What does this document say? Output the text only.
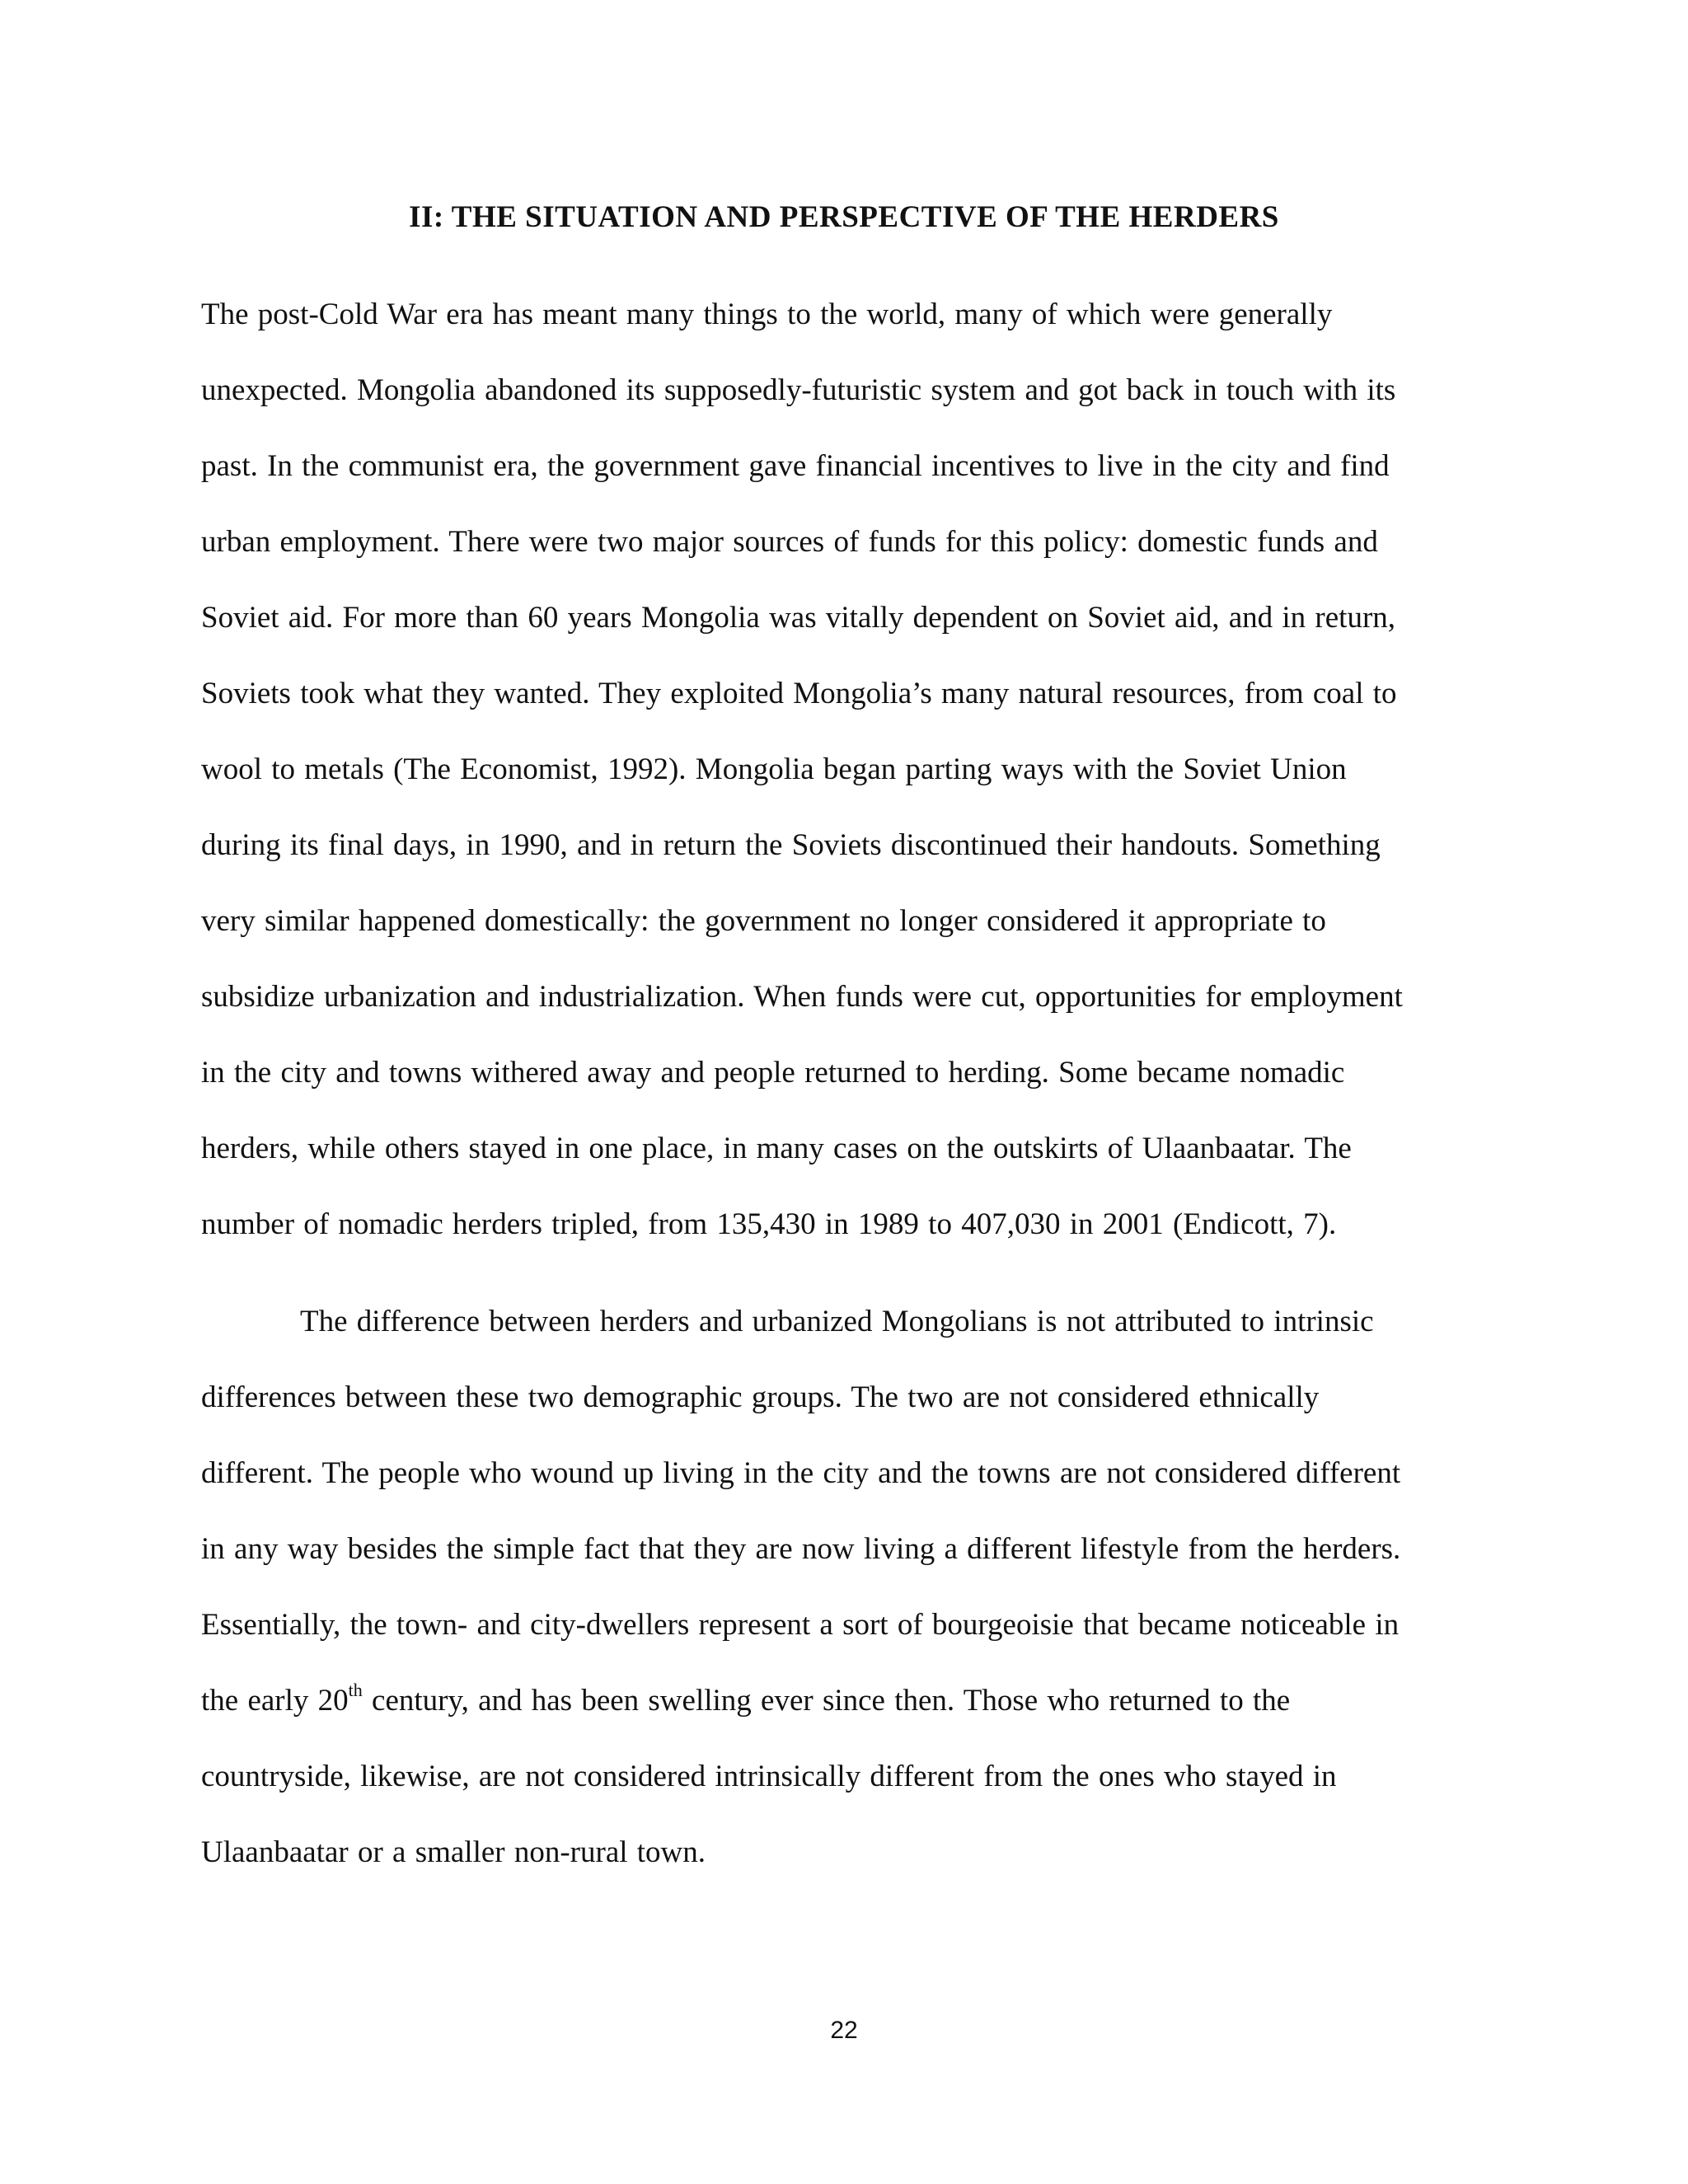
II: THE SITUATION AND PERSPECTIVE OF THE HERDERS
The post-Cold War era has meant many things to the world, many of which were generally
unexpected. Mongolia abandoned its supposedly-futuristic system and got back in touch with its
past. In the communist era, the government gave financial incentives to live in the city and find
urban employment. There were two major sources of funds for this policy: domestic funds and
Soviet aid. For more than 60 years Mongolia was vitally dependent on Soviet aid, and in return,
Soviets took what they wanted. They exploited Mongolia’s many natural resources, from coal to
wool to metals (The Economist, 1992). Mongolia began parting ways with the Soviet Union
during its final days, in 1990, and in return the Soviets discontinued their handouts. Something
very similar happened domestically: the government no longer considered it appropriate to
subsidize urbanization and industrialization. When funds were cut, opportunities for employment
in the city and towns withered away and people returned to herding. Some became nomadic
herders, while others stayed in one place, in many cases on the outskirts of Ulaanbaatar. The
number of nomadic herders tripled, from 135,430 in 1989 to 407,030 in 2001 (Endicott, 7).
The difference between herders and urbanized Mongolians is not attributed to intrinsic
differences between these two demographic groups. The two are not considered ethnically
different. The people who wound up living in the city and the towns are not considered different
in any way besides the simple fact that they are now living a different lifestyle from the herders.
Essentially, the town- and city-dwellers represent a sort of bourgeoisie that became noticeable in
the early 20th century, and has been swelling ever since then. Those who returned to the
countryside, likewise, are not considered intrinsically different from the ones who stayed in
Ulaanbaatar or a smaller non-rural town.
22
